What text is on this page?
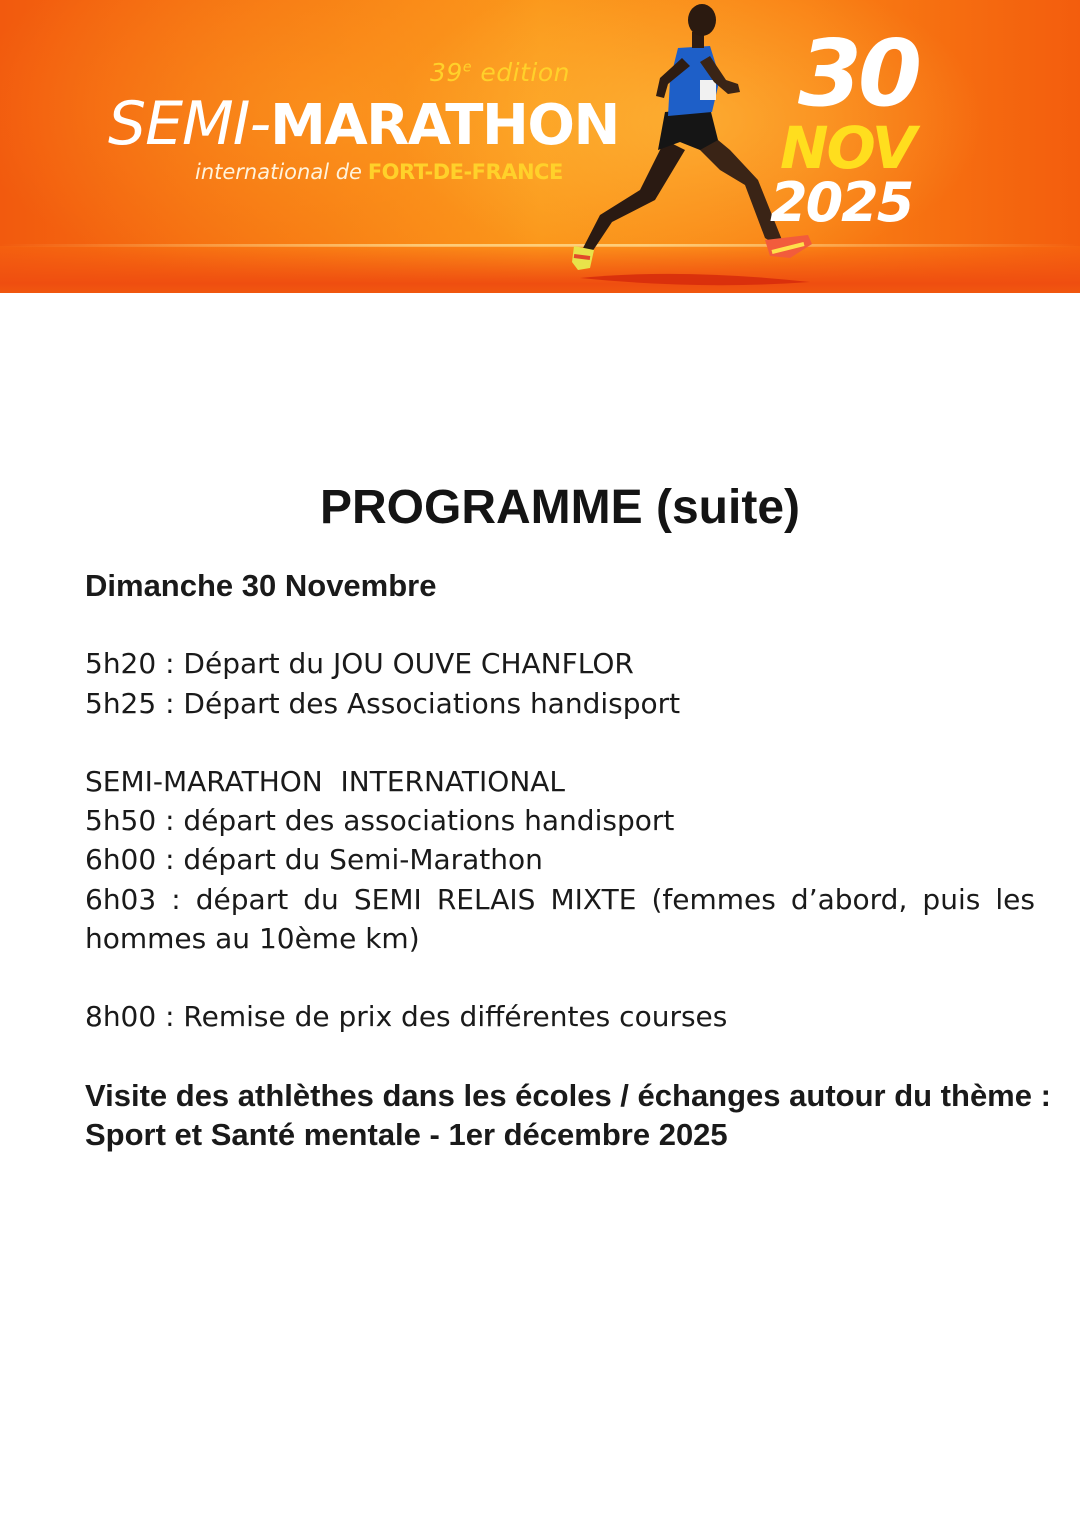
39e edition
SEMI-MARATHON
international de FORT-DE-FRANCE
30
NOV
2025
PROGRAMME (suite)

Dimanche 30 Novembre

5h20 : Départ du JOU OUVE CHANFLOR

5h25 : Départ des Associations handisport

SEMI-MARATHON  INTERNATIONAL

5h50 : départ des associations handisport

6h00 : départ du Semi-Marathon

6h03 : départ du SEMI RELAIS MIXTE (femmes d’abord, puis les hommes au 10ème km)

8h00 : Remise de prix des différentes courses

Visite des athlèthes dans les écoles / échanges autour du thème :

Sport et Santé mentale - 1er décembre 2025
